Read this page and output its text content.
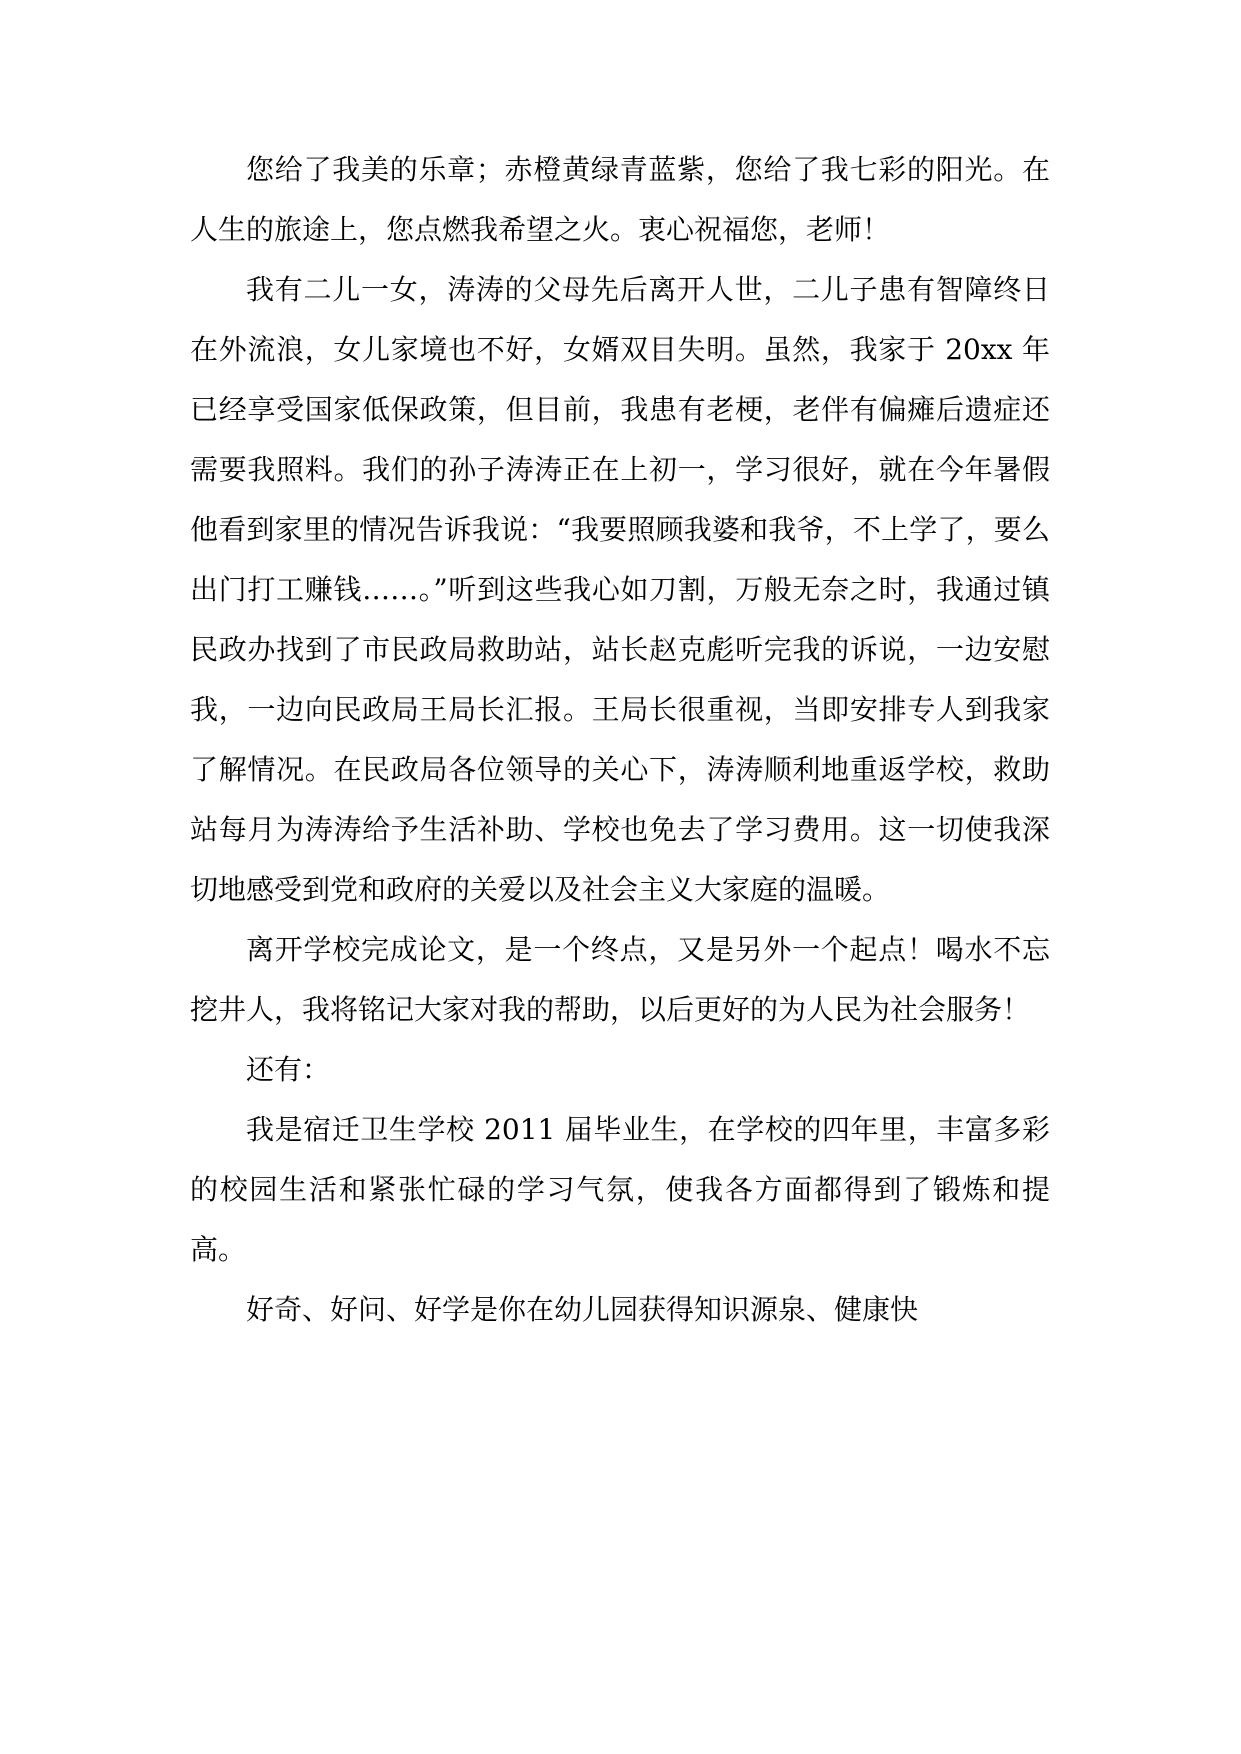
您给了我美的乐章；赤橙黄绿青蓝紫，您给了我七彩的阳光。在人生的旅途上，您点燃我希望之火。衷心祝福您，老师！

我有二儿一女，涛涛的父母先后离开人世，二儿子患有智障终日在外流浪，女儿家境也不好，女婿双目失明。虽然，我家于 20xx 年已经享受国家低保政策，但目前，我患有老梗，老伴有偏瘫后遗症还需要我照料。我们的孙子涛涛正在上初一，学习很好，就在今年暑假他看到家里的情况告诉我说：“我要照顾我婆和我爷，不上学了，要么出门打工赚钱……。”听到这些我心如刀割，万般无奈之时，我通过镇民政办找到了市民政局救助站，站长赵克彪听完我的诉说，一边安慰我，一边向民政局王局长汇报。王局长很重视，当即安排专人到我家了解情况。在民政局各位领导的关心下，涛涛顺利地重返学校，救助站每月为涛涛给予生活补助、学校也免去了学习费用。这一切使我深切地感受到党和政府的关爱以及社会主义大家庭的温暖。

离开学校完成论文，是一个终点，又是另外一个起点！喝水不忘挖井人，我将铭记大家对我的帮助，以后更好的为人民为社会服务！

还有：

我是宿迁卫生学校 2011 届毕业生，在学校的四年里，丰富多彩的校园生活和紧张忙碌的学习气氛，使我各方面都得到了锻炼和提高。

好奇、好问、好学是你在幼儿园获得知识源泉、健康快
